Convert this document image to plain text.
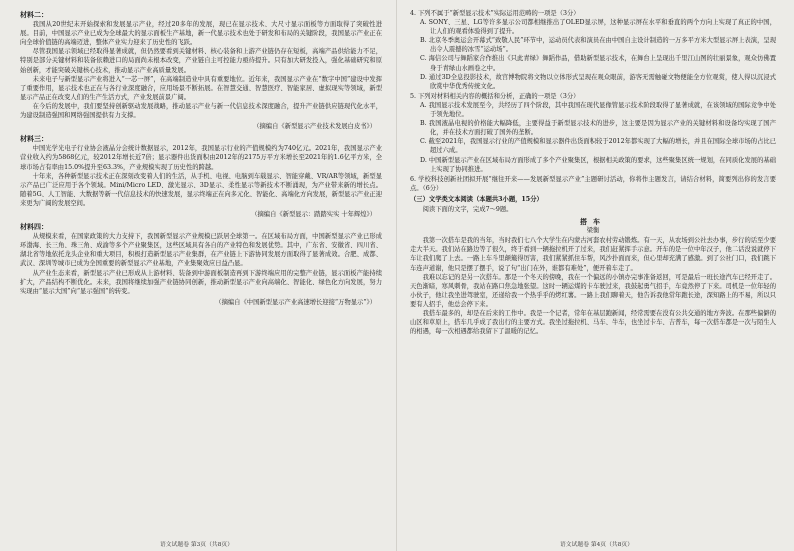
材料二：

我国从20世纪末开始探索和发展显示产业，经过20多年的发展，现已在显示技术、大尺寸显示面板等方面取得了突破性进展。目前，中国显示产业已成为全球最大的显示面板生产基地，新一代显示技术也处于研发和布局的关键阶段，我国显示产业正在向全球价值链的高端迈进，整体产业实力迎来了历史性的飞跃。

尽管我国显示领域已经取得显著成就，但仍然要看到关键材料、核心装备和上游产业链仍存在短板，高端产品供给能力不足，特别是部分关键材料和装备依赖进口的局面尚未根本改变，产业链自主可控能力亟待提升。只有加大研发投入，强化基础研究和原始创新，才能突破关键核心技术，推动显示产业高质量发展。

未来电子与新型显示产业将进入“一芯一屏”，在高端制造业中具有重要地位。近年来，我国显示产业在“数字中国”建设中发挥了重要作用，显示技术也正在与各行业深度融合，应用场景不断拓展。在智慧交通、智慧医疗、智能家居、虚拟现实等领域，新型显示产品正在改变人们的生产生活方式，产业发展前景广阔。

在今后的发展中，我们要坚持创新驱动发展战略，推动显示产业与新一代信息技术深度融合，提升产业链供应链现代化水平，为建设制造强国和网络强国提供有力支撑。

（摘编自《新型显示产业技术发展白皮书》）
材料三：

中国光学光电子行业协会液晶分会统计数据显示，2012年，我国显示行业的产值规模约为740亿元。2021年，我国显示产业营业收入约为5868亿元，较2012年增长近7倍；显示器件出货面积由2012年的2175万平方米增长至2021年的1.6亿平方米，全球市场占有率由15.0%提升至63.3%，产业规模实现了历史性的跨越。

十年来，各种新型显示技术正在深刻改变着人们的生活，从手机、电视、电脑到车载显示、智能穿戴、VR/AR等领域，新型显示产品已广泛应用于各个领域。Mini/Micro LED、激光显示、3D显示、柔性显示等新技术不断涌现，为产业带来新的增长点。随着5G、人工智能、大数据等新一代信息技术的快速发展，显示终端正在向多元化、智能化、高端化方向发展，新型显示产业正迎来更为广阔的发展空间。

（摘编自《新型显示：踏踏实实 十年辉煌》）
材料四：

从规模来看，在国家政策的大力支持下，我国新型显示产业规模已跃居全球第一。在区域布局方面，中国新型显示产业已形成环渤海、长三角、珠三角、成渝等多个产业聚集区，这些区域具有各自的产业特色和发展优势。其中，广东省、安徽省、四川省、湖北省等地依托龙头企业和重大项目，积极打造新型显示产业集群，在产业链上下游协同发展方面取得了显著成效。合肥、成都、武汉、深圳等城市已成为全国重要的新型显示产业基地，产业集聚效应日益凸显。

从产业生态来看，新型显示产业已形成从上游材料、装备到中游面板制造再到下游终端应用的完整产业链，显示面板产能持续扩大，产品结构不断优化。未来，我国将继续加强产业链协同创新，推动新型显示产业向高端化、智能化、绿色化方向发展，努力实现由“显示大国”向“显示强国”的转变。

（摘编自《中国新型显示产业高速增长迎接“万物显示”》）
4. 下列不属于“新型显示技术”实际运用范畴的一项是（3分）
A. SONY、三星、LG等许多显示公司都相继推出了OLED显示屏，这种显示屏在水平和垂直的两个方向上实现了真正的中国，让人们的观看体验得到了提升。
B. 北京冬季奥运会开幕式“致敬人民”环节中，运动员代表和演员在由中国自主设计制造的一万多平方米大型显示屏上表演，呈现出令人震撼的冰雪“运动场”。
C. 海信公司与舞蹈家合作推出《只此青绿》舞蹈作品，借助新型显示技术，在舞台上呈现出千里江山图的壮丽景象，观众仿佛置身于青绿山水画卷之中。
D. 通过3D全息投影技术，故宫博物院将文物以立体形式呈现在观众眼前，游客无需触碰文物便能全方位观赏，使人得以沉浸式欣赏中华优秀传统文化。
5. 下列对材料相关内容的概括和分析，正确的一项是（3分）
A. 我国显示技术发展至今，共经历了四个阶段，其中我国在现代显像管显示技术阶段取得了显著成就，在该领域的国际竞争中处于领先地位。
B. 我国液晶电视的价格能大幅降低，主要得益于新型显示技术的进步，这主要是因为显示产业的关键材料和设备均实现了国产化，并在技术方面打破了国外的垄断。
C. 截至2021年，我国显示行业的产值规模和显示器件出货面积较于2012年都实现了大幅的增长，并且在国际全球市场的占比已超过六成。
D. 中国新型显示产业在区域布局方面形成了多个产业聚集区，根据相关政策的要求，这些聚集区统一规划，在同质化发展的基础上实现了协同推进。
6. 学校科技创新社团拟开展“继往开来——发展新型显示产业”主题研讨活动，你将作主题发言，请结合材料，简要列出你的发言要点。（6分）
（三）文学类文本阅读（本题共3小题，15分）
阅读下面的文字，完成7～9题。
搭车
梁衡

我第一次搭车是我的当年，当时我们七八个大学生在内蒙古河套农村劳动锻炼。有一天，从农场到公社去办事，步行的话至少要走大半天。我们站在路边等了很久，终于看到一辆拖拉机开了过来，我们赶紧挥手示意。开车的是一位中年汉子，他二话没说就停下车让我们爬了上去。一路上车斗里颠簸得厉害，我们紧紧抓住车帮，风沙扑面而来，但心里却充满了感激。到了公社门口，我们跳下车连声道谢，他只是摆了摆手，说了句“出门在外，谁都有难处”，便开着车走了。

我难以忘记的是另一次搭车。那是一个冬天的傍晚，我在一个偏远的小镇办完事准备返回，可是最后一班长途汽车已经开走了。天色渐暗，寒风刺骨，我站在路口焦急地张望。这时一辆运煤的卡车驶过来，我鼓起勇气招手，车竟然停了下来。司机是一位年轻的小伙子，他让我坐进驾驶室，还递给我一个热乎乎的烤红薯。一路上我们聊着天，他告诉我他常年跑长途，深知路上的不易，所以只要有人招手，他总会停下来。

我搭车最多的，却是在后来的工作中。我是一个记者，常年在基层跑新闻，经常需要在没有公共交通的地方奔波。在那些偏僻的山区和草原上，搭车几乎成了我出行的主要方式。我坐过拖拉机、马车、牛车，也坐过卡车、吉普车，每一次搭车都是一次与陌生人的相遇，每一次相遇都给我留下了温暖的记忆。

语文试题卷 第3页（共8页）	语文试题卷 第4页（共8页）
